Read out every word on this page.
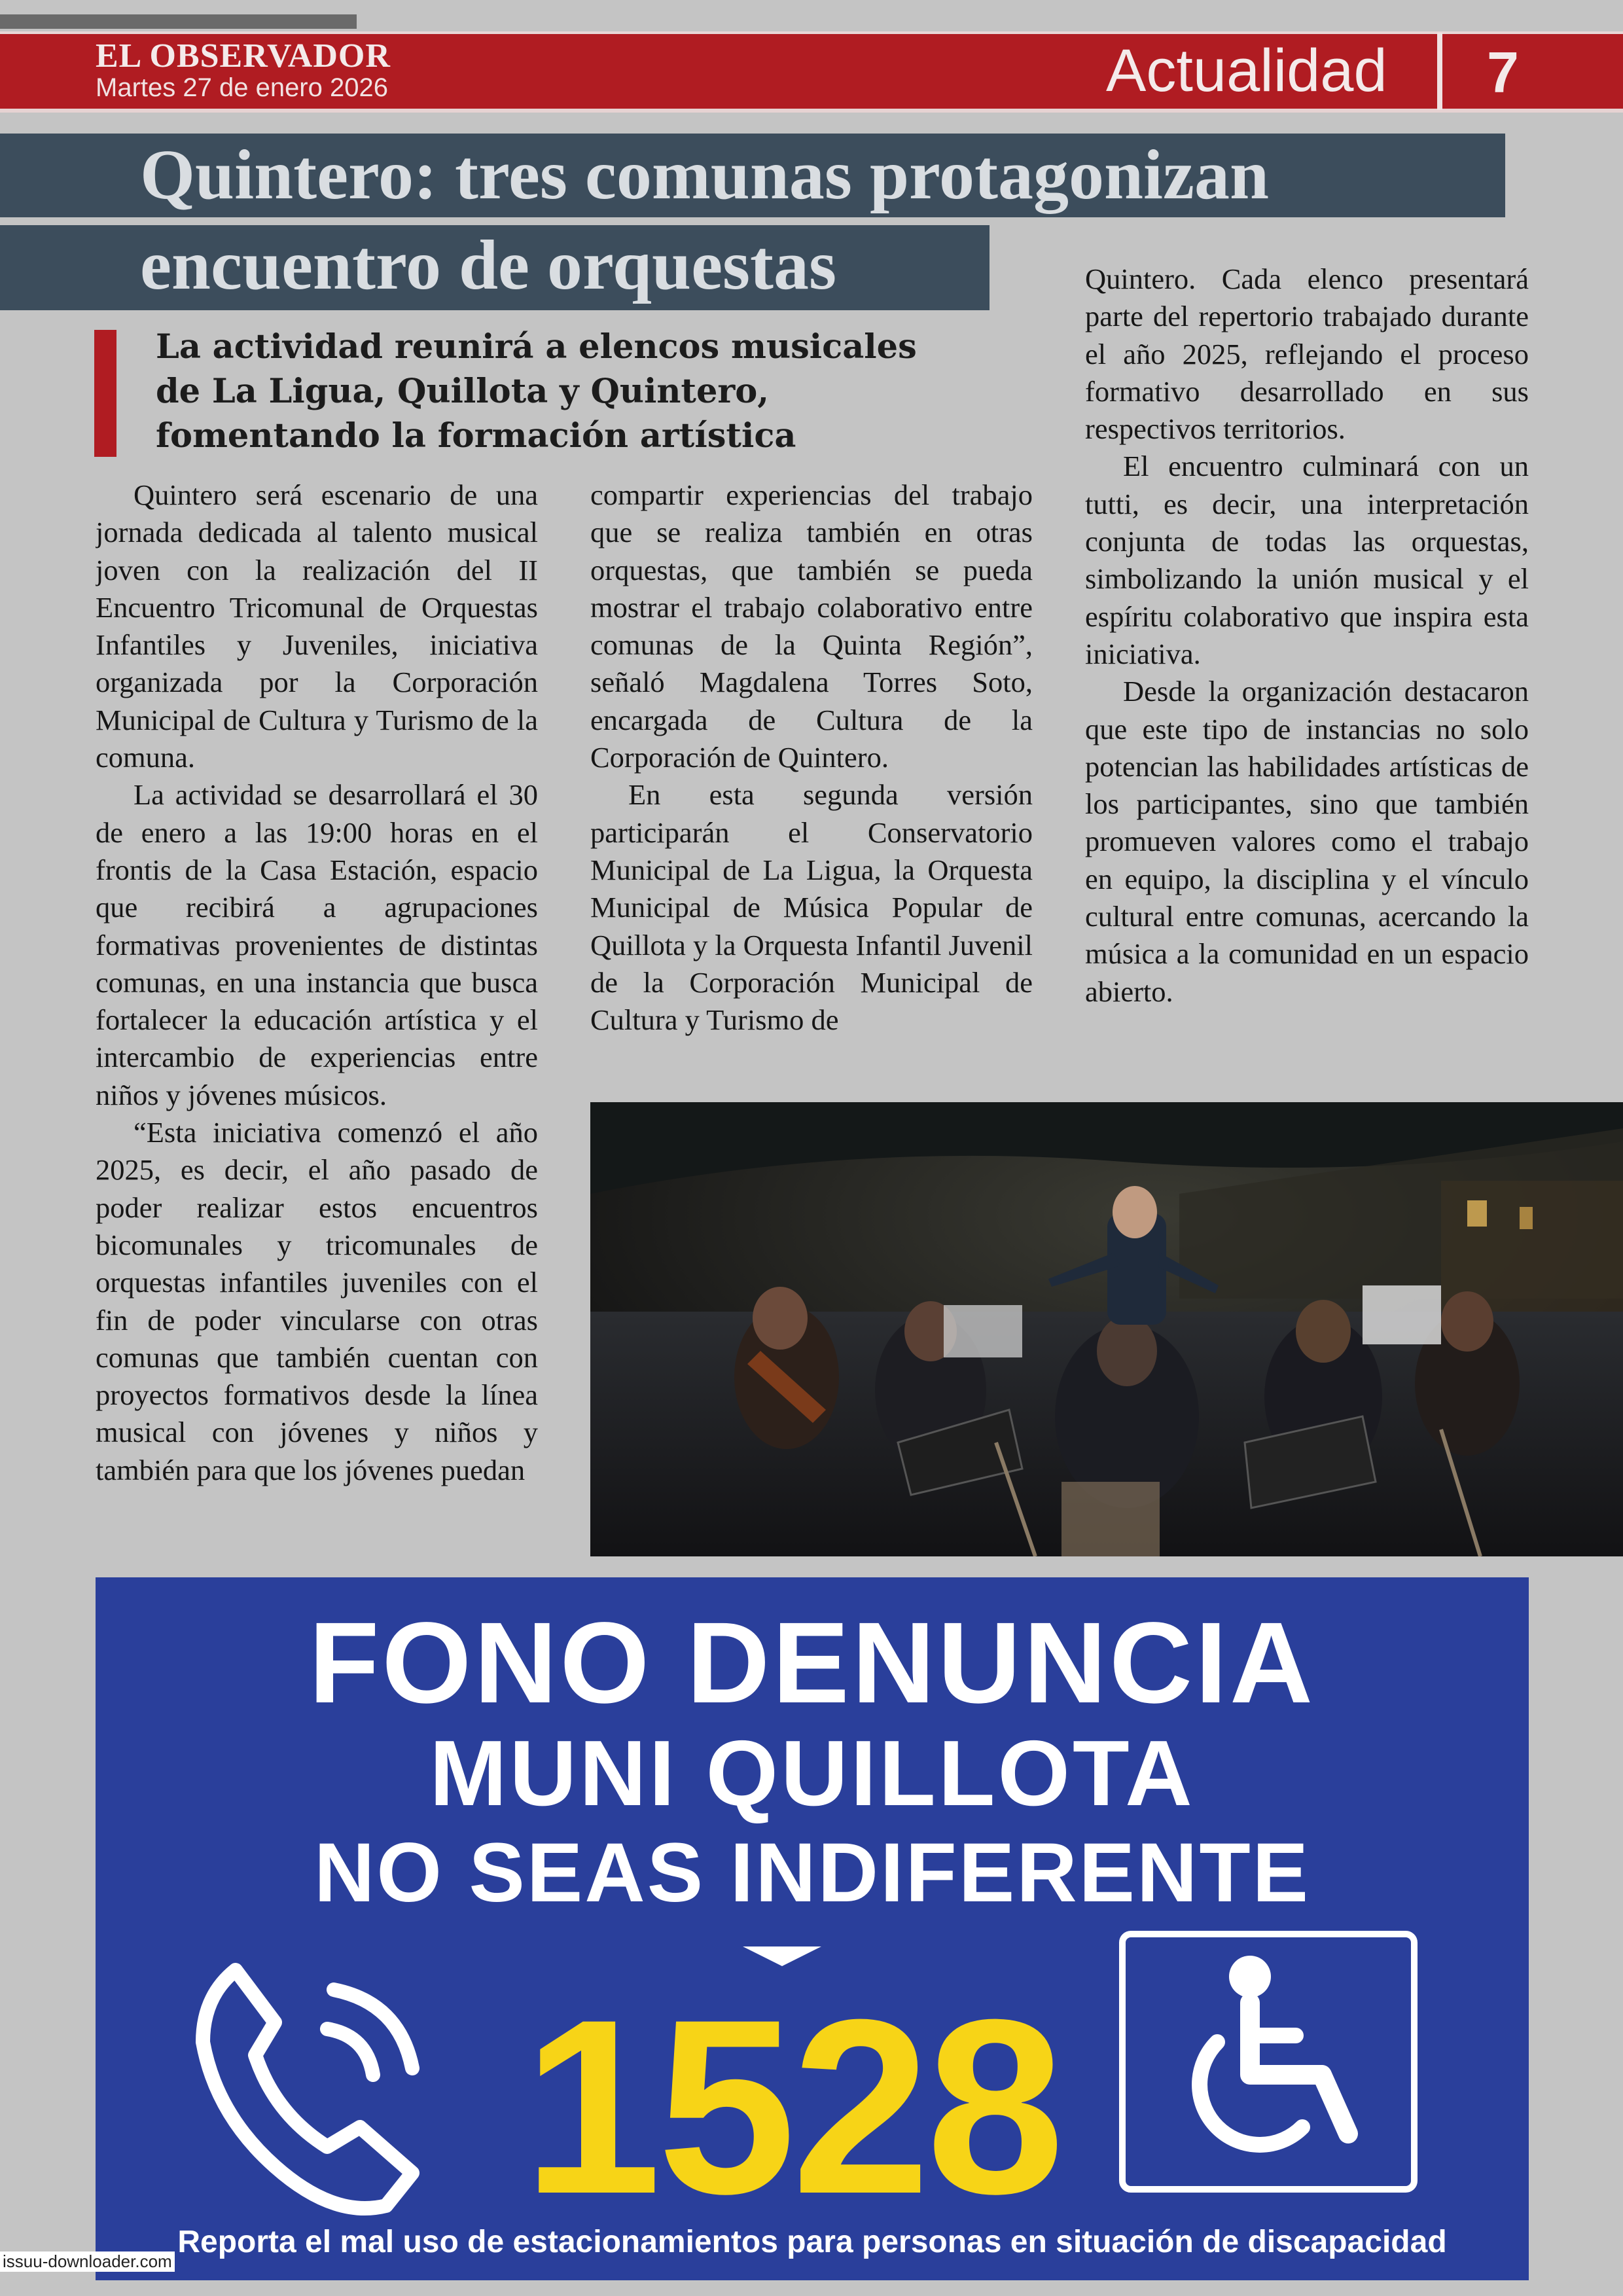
EL OBSERVADOR
Martes 27 de enero 2026	Actualidad 7
Quintero: tres comunas protagonizan
encuentro de orquestas
La actividad reunirá a elencos musicales de La Ligua, Quillota y Quintero, fomentando la formación artística

Quintero será escenario de una jornada dedicada al talento musical joven con la realización del II Encuentro Tricomunal de Orquestas Infantiles y Juveniles, iniciativa organizada por la Corporación Municipal de Cultura y Turismo de la comuna.

La actividad se desarrollará el 30 de enero a las 19:00 horas en el frontis de la Casa Estación, espacio que recibirá a agrupaciones formativas provenientes de distintas comunas, en una instancia que busca fortalecer la educación artística y el intercambio de experiencias entre niños y jóvenes músicos.

“Esta iniciativa comenzó el año 2025, es decir, el año pasado de poder realizar estos encuentros bicomunales y tricomunales de orquestas infantiles juveniles con el fin de poder vincularse con otras comunas que también cuentan con proyectos formativos desde la línea musical con jóvenes y niños y también para que los jóvenes puedan

compartir experiencias del trabajo que se realiza también en otras orquestas, que también se pueda mostrar el trabajo colaborativo entre comunas de la Quinta Región”, señaló Magdalena Torres Soto, encargada de Cultura de la Corporación de Quintero.

En esta segunda versión participarán el Conservatorio Municipal de La Ligua, la Orquesta Municipal de Música Popular de Quillota y la Orquesta Infantil Juvenil de la Corporación Municipal de Cultura y Turismo de

Quintero. Cada elenco presentará parte del repertorio trabajado durante el año 2025, reflejando el proceso formativo desarrollado en sus respectivos territorios.

El encuentro culminará con un tutti, es decir, una interpretación conjunta de todas las orquestas, simbolizando la unión musical y el espíritu colaborativo que inspira esta iniciativa.

Desde la organización destacaron que este tipo de instancias no solo potencian las habilidades artísticas de los participantes, sino que también promueven valores como el trabajo en equipo, la disciplina y el vínculo cultural entre comunas, acercando la música a la comunidad en un espacio abierto.

FONO DENUNCIA
MUNI QUILLOTA
NO SEAS INDIFERENTE
1528
Reporta el mal uso de estacionamientos para personas en situación de discapacidad
issuu-downloader.com
